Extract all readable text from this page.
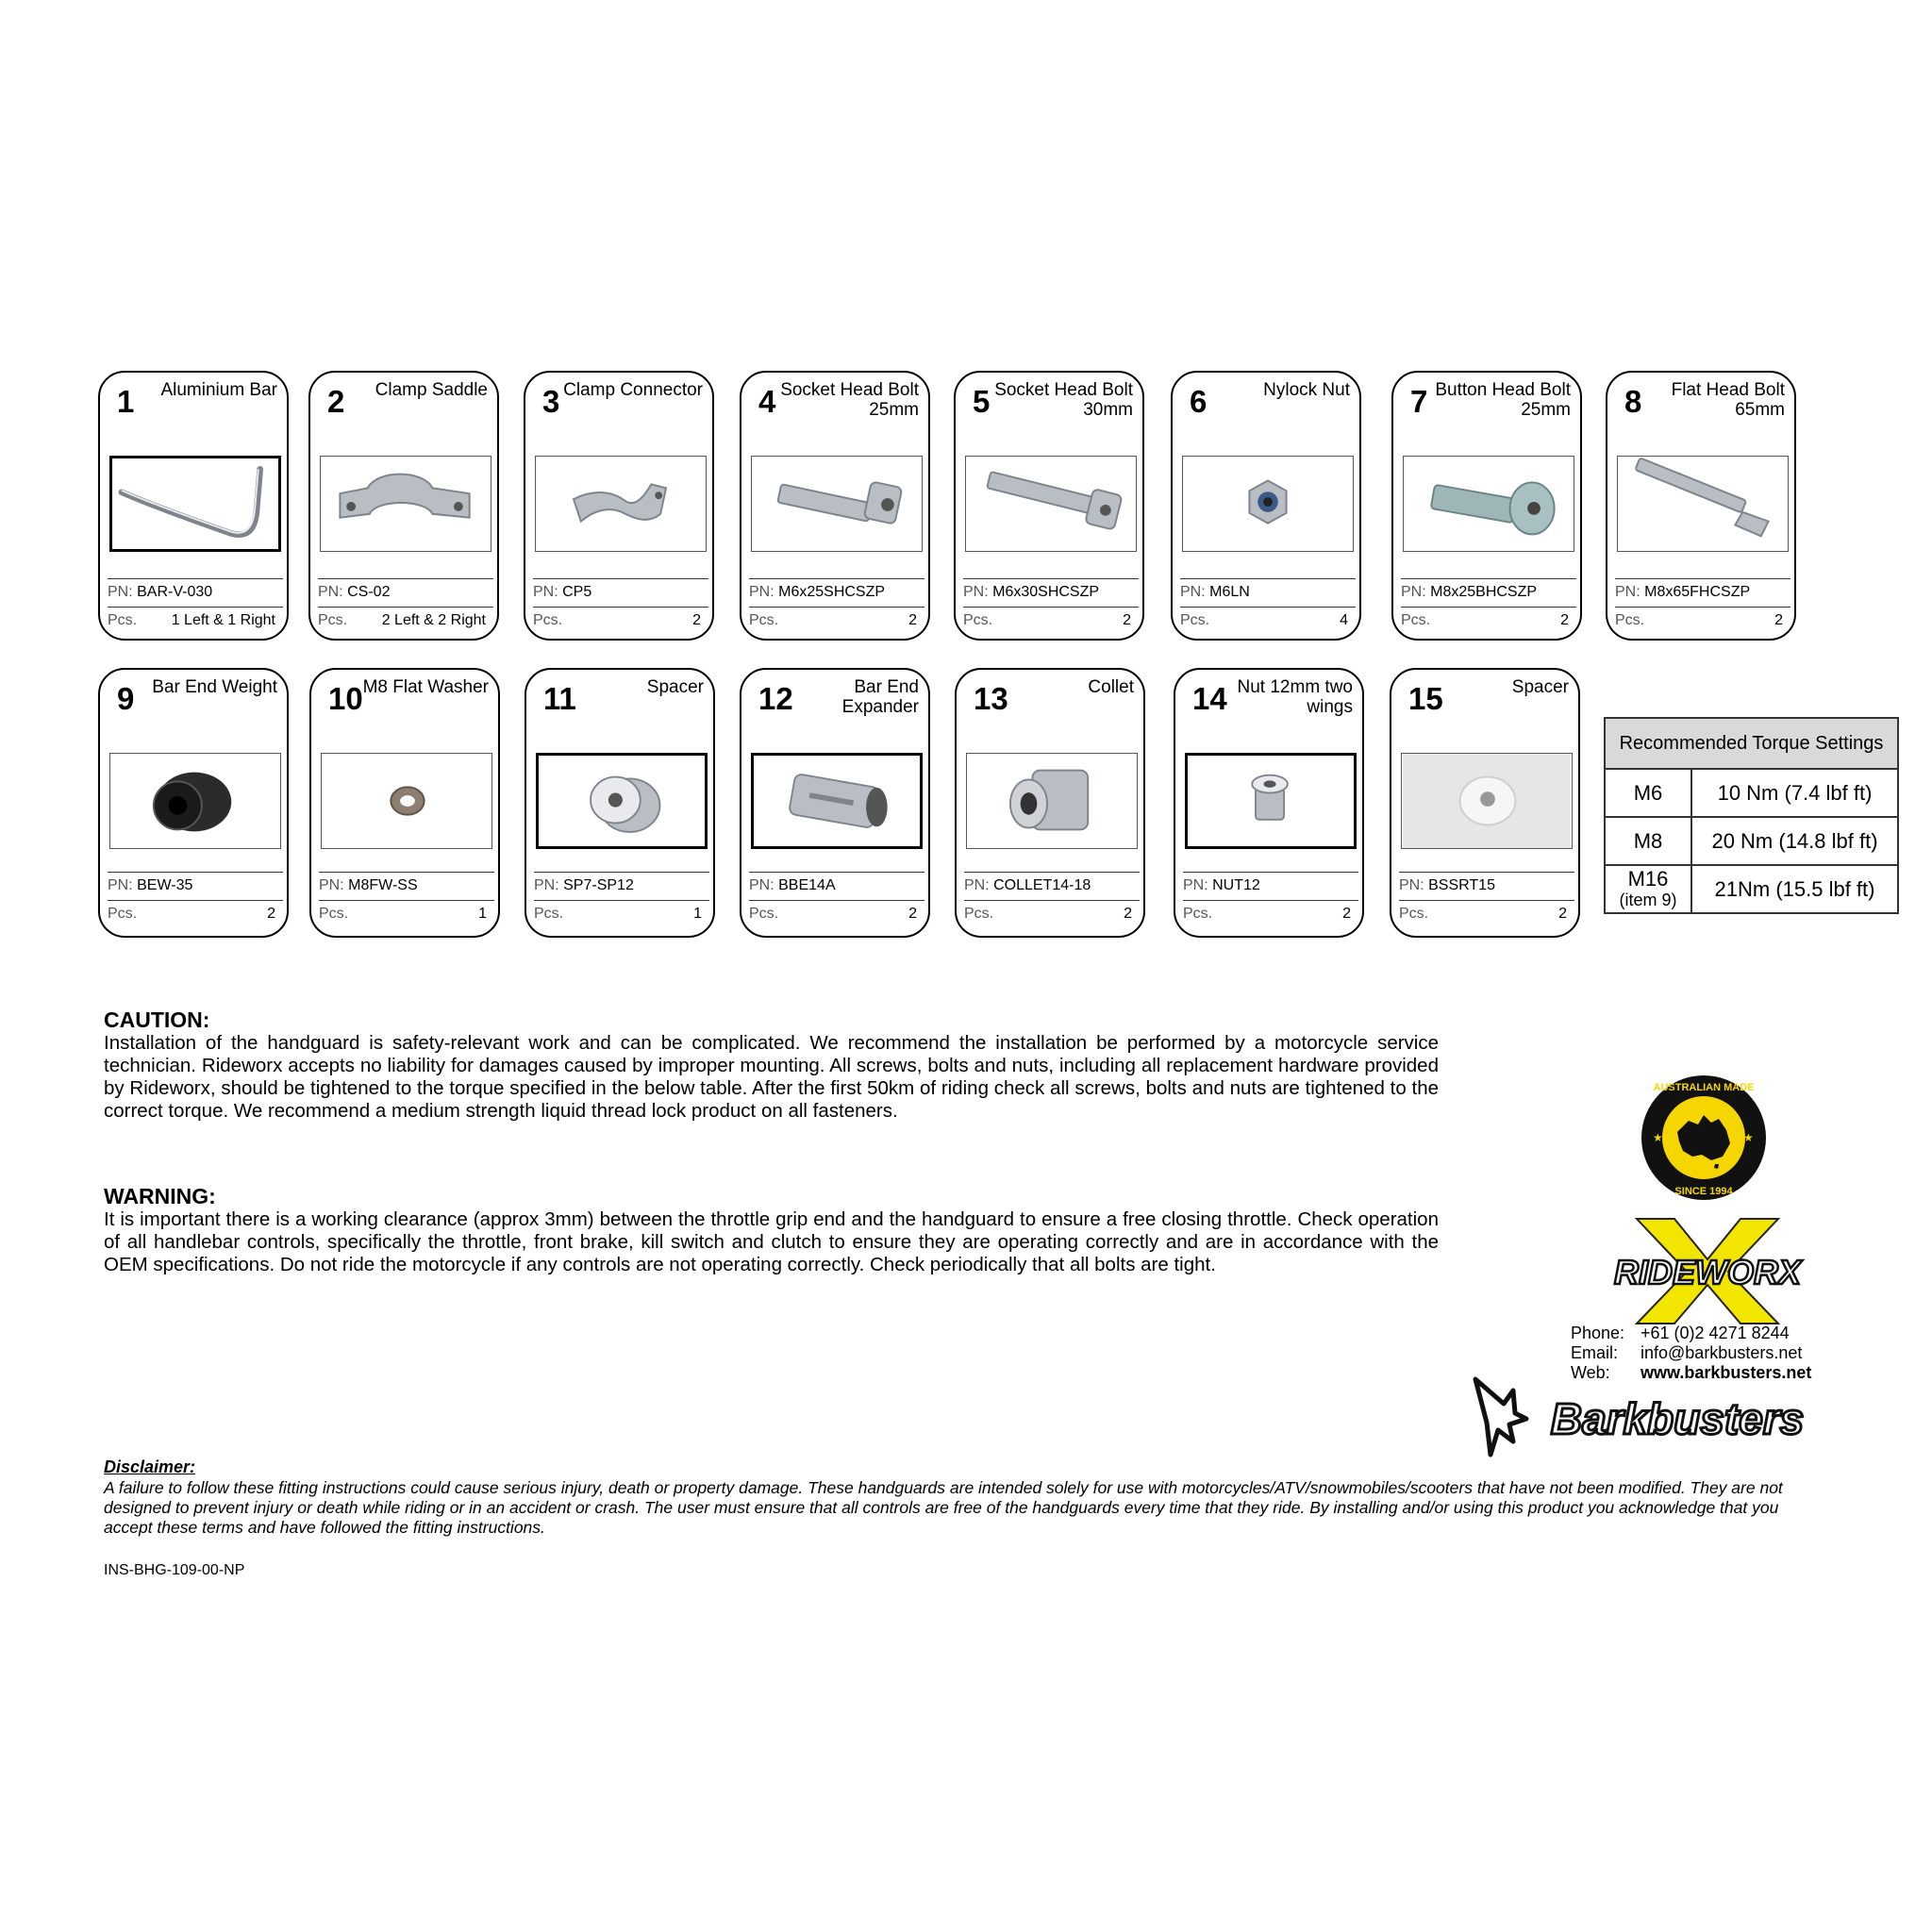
1	Aluminium Bar
PN: BAR-V-030
Pcs. 1 Left & 1 Right
2	Clamp Saddle
PN: CS-02
Pcs. 2 Left & 2 Right
3 Clamp Connector
PN: CP5
Pcs.	2
4 Socket Head Bolt 25mm
PN: M6x25SHCSZP
Pcs.	2
5 Socket Head Bolt 30mm
PN: M6x30SHCSZP
Pcs.	2
6	Nylock Nut
PN: M6LN
Pcs.	4
7 Button Head Bolt 25mm
PN: M8x25BHCSZP
Pcs.	2
8	Flat Head Bolt 65mm
PN: M8x65FHCSZP
Pcs.	2
9 Bar End Weight
PN: BEW-35
Pcs.	2
10 M8 Flat Washer
PN: M8FW-SS
Pcs.	1
11	Spacer
PN: SP7-SP12
Pcs.	1
12	Bar End Expander
PN: BBE14A
Pcs.	2
13	Collet
PN: COLLET14-18
Pcs.	2
14 Nut 12mm two wings
PN: NUT12
Pcs.	2
15	Spacer
PN: BSSRT15
Pcs.	2
Recommended Torque Settings	
M6	10 Nm (7.4 lbf ft)
M8	20 Nm (14.8 lbf ft)
M16
(item 9)	21Nm (15.5 lbf ft)
CAUTION:
Installation of the handguard is safety-relevant work and can be complicated. We recommend the installation be performed by a motorcycle service technician. Rideworx accepts no liability for damages caused by improper mounting. All screws, bolts and nuts, including all replacement hardware provided by Rideworx, should be tightened to the torque specified in the below table. After the first 50km of riding check all screws, bolts and nuts are tightened to the correct torque. We recommend a medium strength liquid thread lock product on all fasteners.
WARNING:
It is important there is a working clearance (approx 3mm) between the throttle grip end and the handguard to ensure a free closing throttle. Check operation of all handlebar controls, specifically the throttle, front brake, kill switch and clutch to ensure they are operating correctly and are in accordance with the OEM specifications. Do not ride the motorcycle if any controls are not operating correctly. Check periodically that all bolts are tight.
Disclaimer:
A failure to follow these fitting instructions could cause serious injury, death or property damage. These handguards are intended solely for use with motorcycles/ATV/snowmobiles/scooters that have not been modified. They are not designed to prevent injury or death while riding or in an accident or crash. The user must ensure that all controls are free of the handguards every time that they ride. By installing and/or using this product you acknowledge that you accept these terms and have followed the fitting instructions.
INS-BHG-109-00-NP
AUSTRALIAN MADE
SINCE 1994
★	★
RIDEWORX
Phone: +61 (0)2 4271 8244
Email:	info@barkbusters.net
Web:	www.barkbusters.net
Barkbusters
